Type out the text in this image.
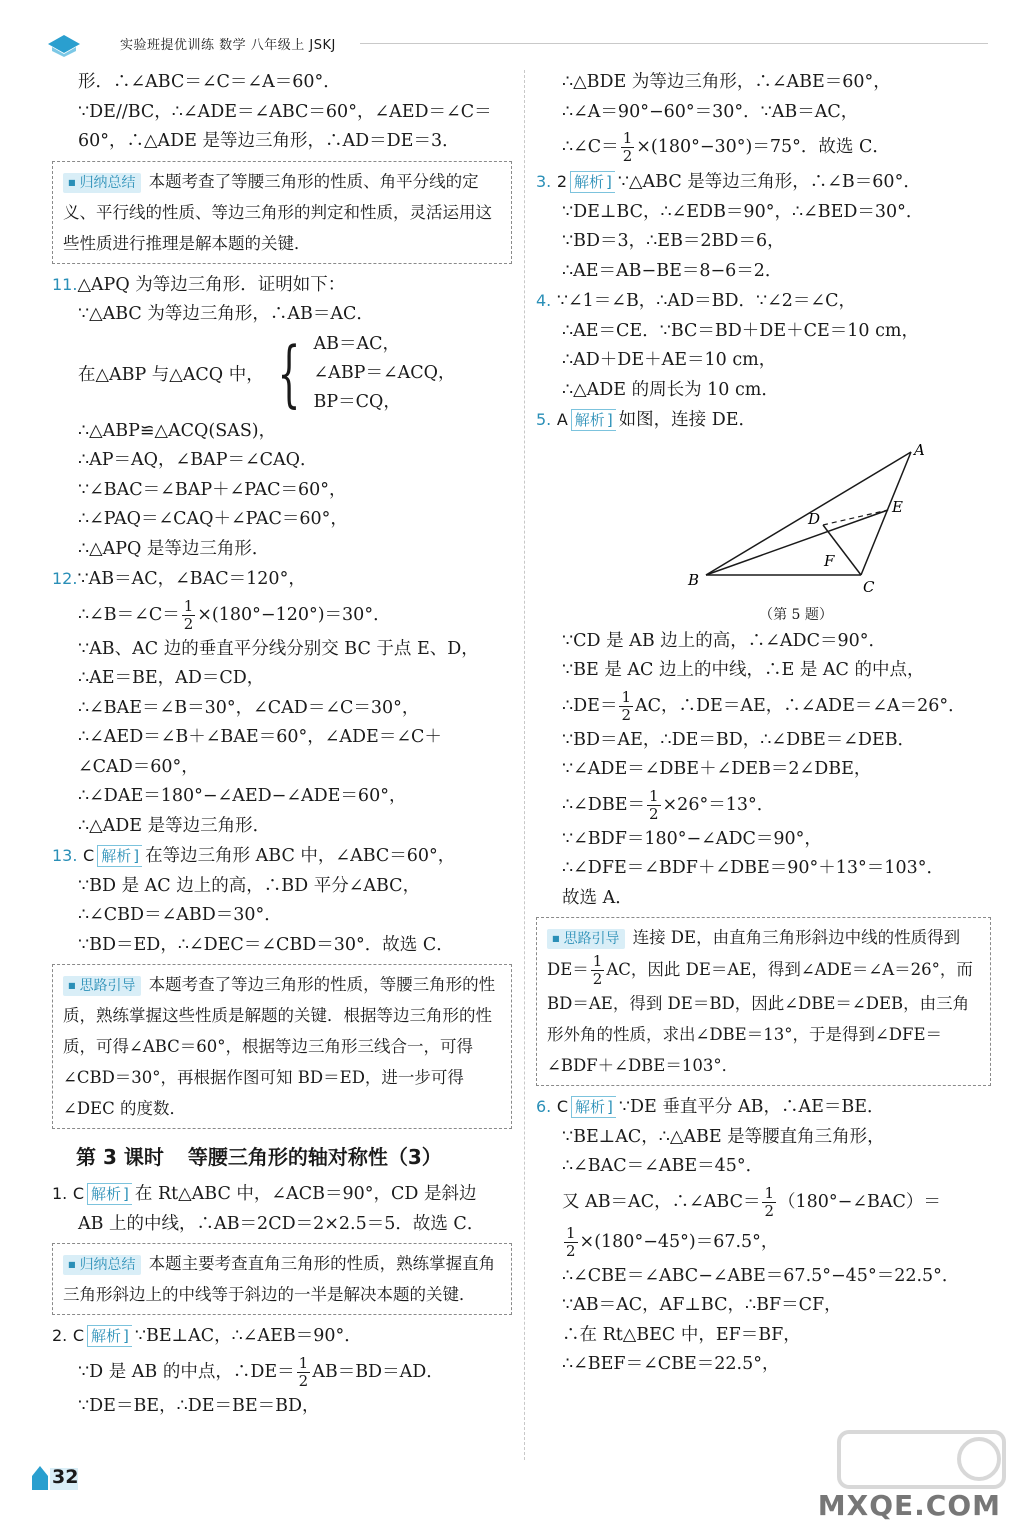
实验班提优训练 数学 八年级上 JSKJ
形．∴∠ABC＝∠C＝∠A＝60°．
∵DE//BC，∴∠ADE＝∠ABC＝60°，∠AED＝∠C＝
60°，∴△ADE 是等边三角形，∴AD＝DE＝3．
■ 归纳总结 本题考查了等腰三角形的性质、角平分线的定义、平行线的性质、等边三角形的判定和性质，灵活运用这些性质进行推理是解本题的关键．
11.△APQ 为等边三角形．证明如下：
∵△ABC 为等边三角形，∴AB＝AC．
在△ABP 与△ACQ 中， { AB＝AC，
∠ABP＝∠ACQ，
BP＝CQ，
∴△ABP≌△ACQ(SAS)，
∴AP＝AQ，∠BAP＝∠CAQ．
∵∠BAC＝∠BAP＋∠PAC＝60°，
∴∠PAQ＝∠CAQ＋∠PAC＝60°，
∴△APQ 是等边三角形．
12.∵AB＝AC，∠BAC＝120°，
∴∠B＝∠C＝ $\frac{1}{2} \times(180^\circ-120^\circ)=30^\circ$．
∵AB、AC 边的垂直平分线分别交 BC 于点 E、D，
∴AE＝BE，AD＝CD，
∴∠BAE＝∠B＝30°，∠CAD＝∠C＝30°，
∴∠AED＝∠B＋∠BAE＝60°，∠ADE＝∠C＋
∠CAD＝60°，
∴∠DAE＝180°−∠AED−∠ADE＝60°，
∴△ADE 是等边三角形．
13. C 解析 ] 在等边三角形 ABC 中，∠ABC＝60°，
∵BD 是 AC 边上的高，∴BD 平分∠ABC，
∴∠CBD＝∠ABD＝30°．
∵BD＝ED，∴∠DEC＝∠CBD＝30°．故选 C．
■ 思路引导 本题考查了等边三角形的性质，等腰三角形的性质，熟练掌握这些性质是解题的关键．根据等边三角形的性质，可得∠ABC＝60°，根据等边三角形三线合一，可得∠CBD＝30°，再根据作图可知 BD＝ED，进一步可得∠DEC 的度数．
第 3 课时 等腰三角形的轴对称性（3）
1. C 解析 ] 在 Rt△ABC 中，∠ACB＝90°，CD 是斜边
AB 上的中线，∴AB＝2CD＝2×2.5＝5．故选 C．
■ 归纳总结 本题主要考查直角三角形的性质，熟练掌握直角三角形斜边上的中线等于斜边的一半是解决本题的关键．
2. C 解析 ] ∵BE⊥AC，∴∠AEB＝90°．
∵D 是 AB 的中点，∴DE＝ $\frac{1}{2} AB=BD=AD$．
∵DE＝BE，∴DE＝BE＝BD，
∴△BDE 为等边三角形，∴∠ABE＝60°，
∴∠A＝90°−60°＝30°．∵AB＝AC，
∴∠C＝ $\frac{1}{2} \times(180^\circ-30^\circ)=75^\circ$．故选 C．
3. 2 解析 ] ∵△ABC 是等边三角形，∴∠B＝60°．
∵DE⊥BC，∴∠EDB＝90°，∴∠BED＝30°．
∵BD＝3，∴EB＝2BD＝6，
∴AE＝AB−BE＝8−6＝2．
4. ∵∠1＝∠B，∴AD＝BD．∵∠2＝∠C，
∴AE＝CE．∵BC＝BD＋DE＋CE＝10 cm，
∴AD＋DE＋AE＝10 cm，
∴△ADE 的周长为 10 cm．
5. A 解析 ] 如图，连接 DE．
A
B	C
D
E
F
（第 5 题）
∵CD 是 AB 边上的高，∴∠ADC＝90°．
∵BE 是 AC 边上的中线，∴E 是 AC 的中点，
∴DE＝ $\frac{1}{2}$ AC，∴DE＝AE，∴∠ADE＝∠A＝26°．
∵BD＝AE，∴DE＝BD，∴∠DBE＝∠DEB．
∵∠ADE＝∠DBE＋∠DEB＝2∠DBE，
∴∠DBE＝ $\frac{1}{2} \times 26^\circ=13^\circ$．
∵∠BDF＝180°−∠ADC＝90°，
∴∠DFE＝∠BDF＋∠DBE＝90°＋13°＝103°．
故选 A．
■ 思路引导 连接 DE，由直角三角形斜边中线的性质得到 $DE= \frac{1}{2}$ AC，因此 DE＝AE，得到∠ADE＝∠A＝26°，而 BD＝AE，得到 DE＝BD，因此∠DBE＝∠DEB，由三角形外角的性质，求出∠DBE＝13°，于是得到∠DFE＝∠BDF＋∠DBE＝103°．
6. C 解析 ] ∵DE 垂直平分 AB，∴AE＝BE．
∵BE⊥AC，∴△ABE 是等腰直角三角形，
∴∠BAC＝∠ABE＝45°．
又 AB＝AC，∴∠ABC＝ $\frac{1}{2}$ （180°−∠BAC）＝
$\frac{1}{2} \times(180^\circ-45^\circ)=67.5^\circ$，
∴∠CBE＝∠ABC−∠ABE＝67.5°−45°＝22.5°．
∵AB＝AC，AF⊥BC，∴BF＝CF，
∴在 Rt△BEC 中，EF＝BF，
∴∠BEF＝∠CBE＝22.5°，
32
MXQE.COM
